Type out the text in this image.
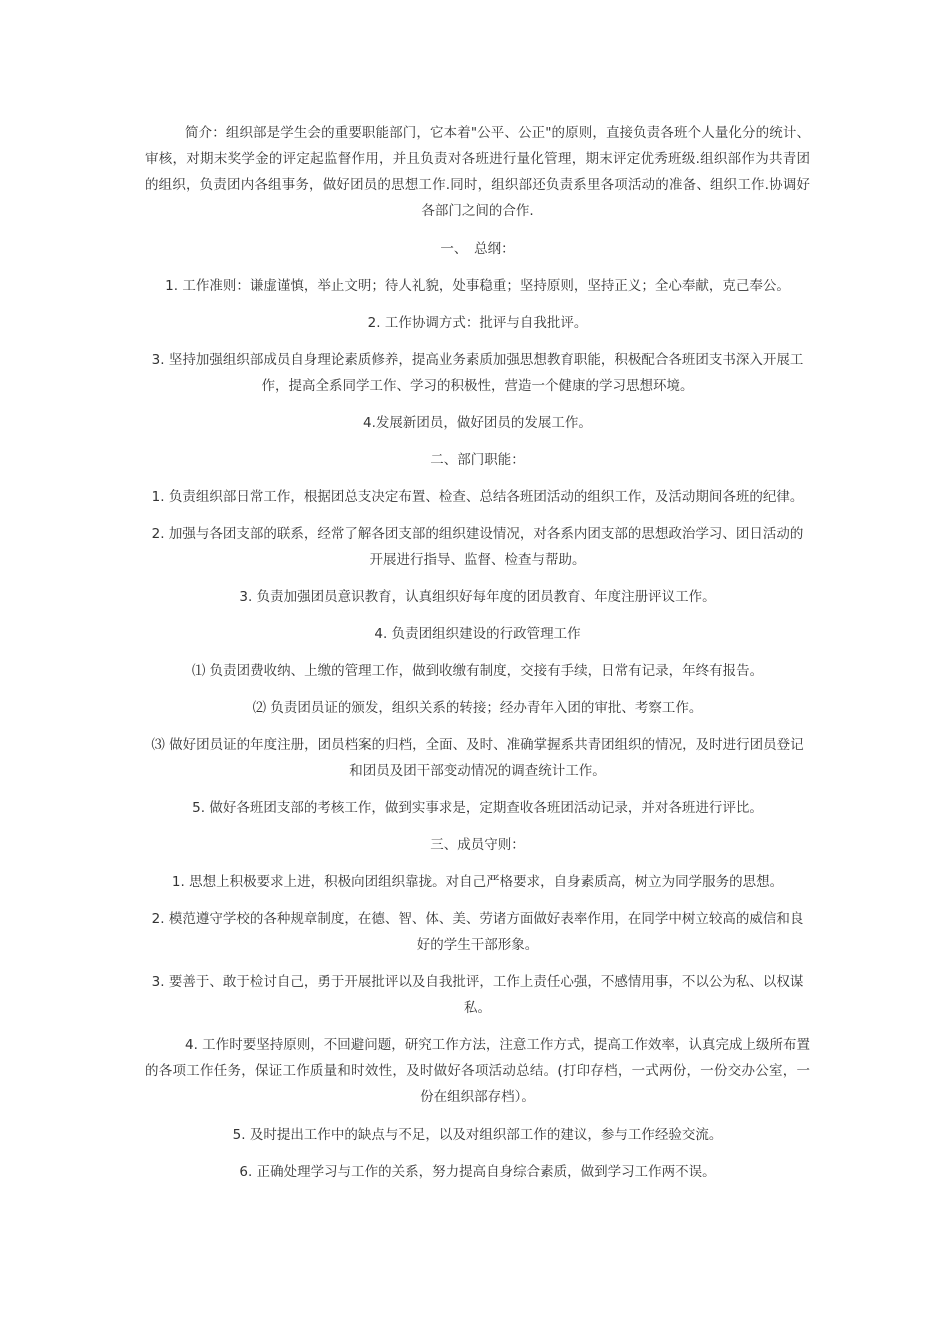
简介：组织部是学生会的重要职能部门，它本着"公平、公正"的原则，直接负责各班个人量化分的统计、审核，对期末奖学金的评定起监督作用，并且负责对各班进行量化管理，期末评定优秀班级.组织部作为共青团的组织，负责团内各组事务，做好团员的思想工作.同时，组织部还负责系里各项活动的准备、组织工作.协调好各部门之间的合作.

一、　总纲：

1. 工作准则：谦虚谨慎，举止文明；待人礼貌，处事稳重；坚持原则，坚持正义；全心奉献，克己奉公。

2. 工作协调方式：批评与自我批评。

3. 坚持加强组织部成员自身理论素质修养，提高业务素质加强思想教育职能，积极配合各班团支书深入开展工作，提高全系同学工作、学习的积极性，营造一个健康的学习思想环境。

4.发展新团员，做好团员的发展工作。

二、部门职能：

1. 负责组织部日常工作，根据团总支决定布置、检查、总结各班团活动的组织工作，及活动期间各班的纪律。

2. 加强与各团支部的联系，经常了解各团支部的组织建设情况，对各系内团支部的思想政治学习、团日活动的开展进行指导、监督、检查与帮助。

3. 负责加强团员意识教育，认真组织好每年度的团员教育、年度注册评议工作。

4. 负责团组织建设的行政管理工作

⑴ 负责团费收纳、上缴的管理工作，做到收缴有制度，交接有手续，日常有记录，年终有报告。

⑵ 负责团员证的颁发，组织关系的转接；经办青年入团的审批、考察工作。

⑶ 做好团员证的年度注册，团员档案的归档，全面、及时、准确掌握系共青团组织的情况，及时进行团员登记和团员及团干部变动情况的调查统计工作。

5. 做好各班团支部的考核工作，做到实事求是，定期查收各班团活动记录，并对各班进行评比。

三、成员守则：

1. 思想上积极要求上进，积极向团组织靠拢。对自己严格要求，自身素质高，树立为同学服务的思想。

2. 模范遵守学校的各种规章制度，在德、智、体、美、劳诸方面做好表率作用，在同学中树立较高的威信和良好的学生干部形象。

3. 要善于、敢于检讨自己，勇于开展批评以及自我批评，工作上责任心强，不感情用事，不以公为私、以权谋私。

4. 工作时要坚持原则，不回避问题，研究工作方法，注意工作方式，提高工作效率，认真完成上级所布置的各项工作任务，保证工作质量和时效性，及时做好各项活动总结。(打印存档，一式两份，一份交办公室，一份在组织部存档）。

5. 及时提出工作中的缺点与不足，以及对组织部工作的建议，参与工作经验交流。

6. 正确处理学习与工作的关系，努力提高自身综合素质，做到学习工作两不误。
